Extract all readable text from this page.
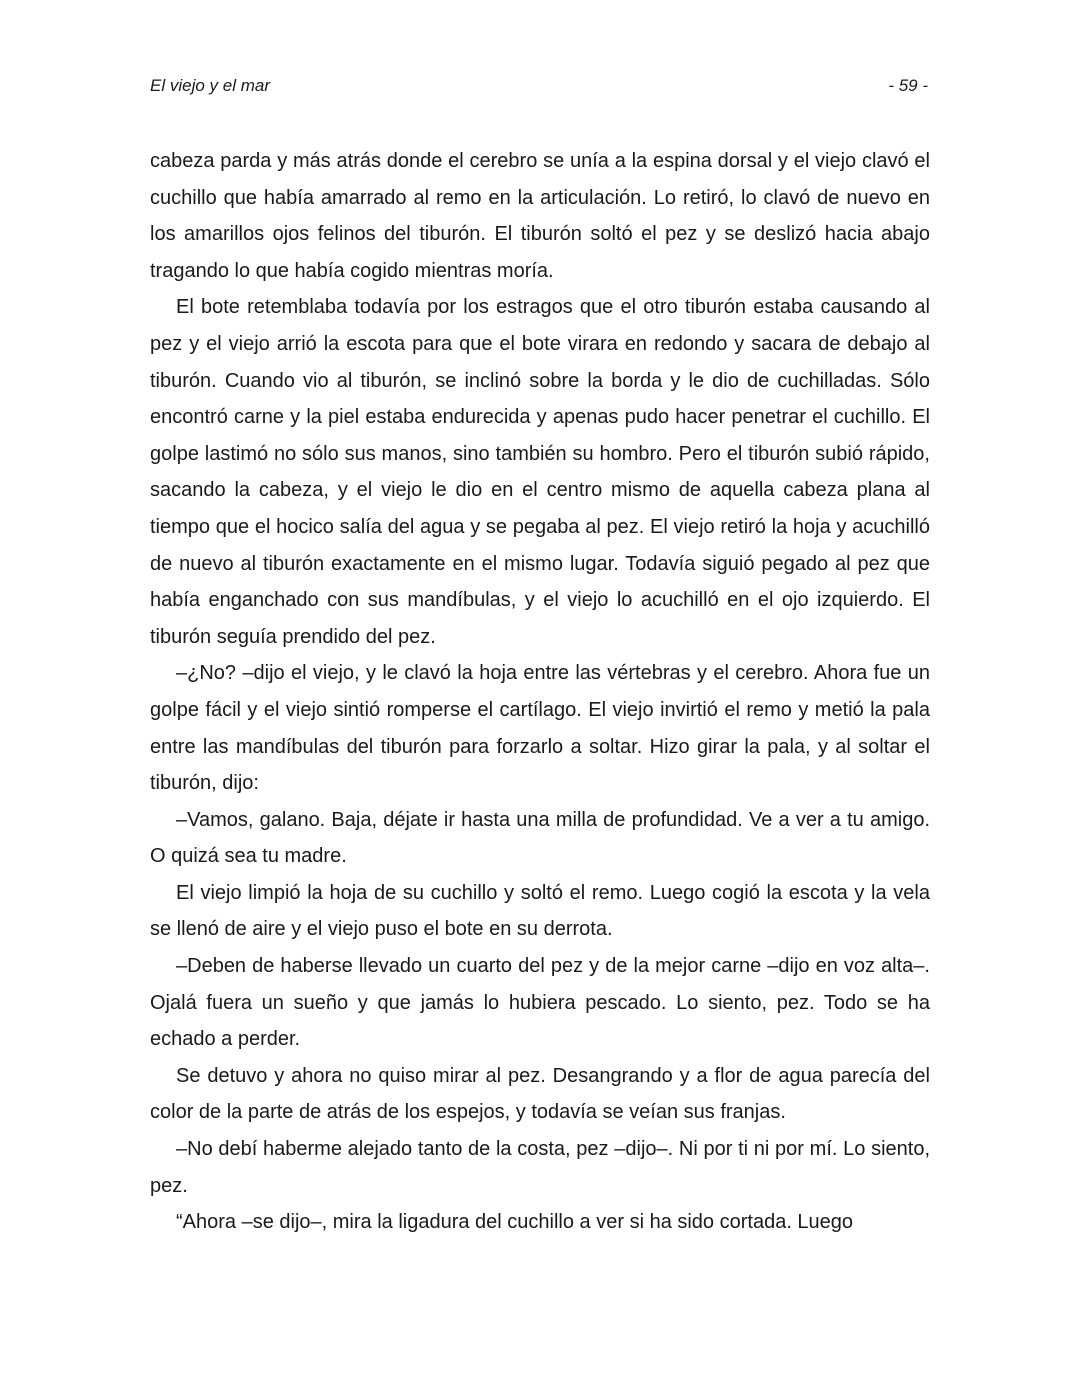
El viejo y el mar	- 59 -

cabeza parda y más atrás donde el cerebro se unía a la espina dorsal y el viejo clavó el cuchillo que había amarrado al remo en la articulación. Lo retiró, lo clavó de nuevo en los amarillos ojos felinos del tiburón. El tiburón soltó el pez y se deslizó hacia abajo tragando lo que había cogido mientras moría.

El bote retemblaba todavía por los estragos que el otro tiburón estaba causando al pez y el viejo arrió la escota para que el bote virara en redondo y sacara de debajo al tiburón. Cuando vio al tiburón, se inclinó sobre la borda y le dio de cuchilladas. Sólo encontró carne y la piel estaba endurecida y apenas pudo hacer penetrar el cuchillo. El golpe lastimó no sólo sus manos, sino también su hombro. Pero el tiburón subió rápido, sacando la cabeza, y el viejo le dio en el centro mismo de aquella cabeza plana al tiempo que el hocico salía del agua y se pegaba al pez. El viejo retiró la hoja y acuchilló de nuevo al tiburón exactamente en el mismo lugar. Todavía siguió pegado al pez que había enganchado con sus mandíbulas, y el viejo lo acuchilló en el ojo izquierdo. El tiburón seguía prendido del pez.

–¿No? –dijo el viejo, y le clavó la hoja entre las vértebras y el cerebro. Ahora fue un golpe fácil y el viejo sintió romperse el cartílago. El viejo invirtió el remo y metió la pala entre las mandíbulas del tiburón para forzarlo a soltar. Hizo girar la pala, y al soltar el tiburón, dijo:

–Vamos, galano. Baja, déjate ir hasta una milla de profundidad. Ve a ver a tu amigo. O quizá sea tu madre.

El viejo limpió la hoja de su cuchillo y soltó el remo. Luego cogió la escota y la vela se llenó de aire y el viejo puso el bote en su derrota.

–Deben de haberse llevado un cuarto del pez y de la mejor carne –dijo en voz alta–. Ojalá fuera un sueño y que jamás lo hubiera pescado. Lo siento, pez. Todo se ha echado a perder.

Se detuvo y ahora no quiso mirar al pez. Desangrando y a flor de agua parecía del color de la parte de atrás de los espejos, y todavía se veían sus franjas.

–No debí haberme alejado tanto de la costa, pez –dijo–. Ni por ti ni por mí. Lo siento, pez.

“Ahora –se dijo–, mira la ligadura del cuchillo a ver si ha sido cortada. Luego
